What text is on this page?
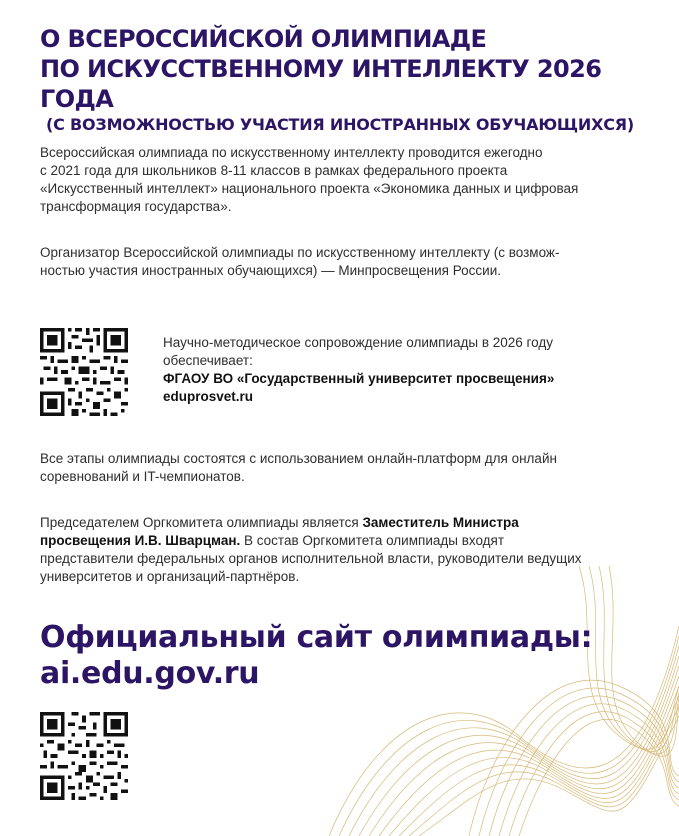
О ВСЕРОССИЙСКОЙ ОЛИМПИАДЕ
ПО ИСКУССТВЕННОМУ ИНТЕЛЛЕКТУ 2026 ГОДА
(С ВОЗМОЖНОСТЬЮ УЧАСТИЯ ИНОСТРАННЫХ ОБУЧАЮЩИХСЯ)
Всероссийская олимпиада по искусственному интеллекту проводится ежегодно
с 2021 года для школьников 8-11 классов в рамках федерального проекта
«Искусственный интеллект» национального проекта «Экономика данных и цифровая
трансформация государства».
Организатор Всероссийской олимпиады по искусственному интеллекту (с возмож-
ностью участия иностранных обучающихся) — Минпросвещения России.
Научно-методическое сопровождение олимпиады в 2026 году
обеспечивает:
ФГАОУ ВО «Государственный университет просвещения»
eduprosvet.ru
Все этапы олимпиады состоятся с использованием онлайн-платформ для онлайн
соревнований и IT-чемпионатов.
Председателем Оргкомитета олимпиады является Заместитель Министра
просвещения И.В. Шварцман. В состав Оргкомитета олимпиады входят
представители федеральных органов исполнительной власти, руководители ведущих
университетов и организаций-партнёров.
Официальный сайт олимпиады:
ai.edu.gov.ru
